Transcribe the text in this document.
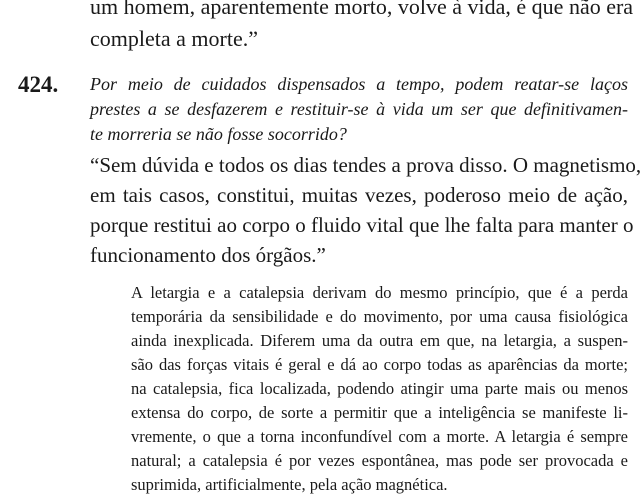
um homem, aparentemente morto, volve à vida, é que não era
completa a morte.”
424. Por meio de cuidados dispensados a tempo, podem reatar-se laços
prestes a se desfazerem e restituir-se à vida um ser que definitivamen-
te morreria se não fosse socorrido?
“Sem dúvida e todos os dias tendes a prova disso. O magnetismo,
em tais casos, constitui, muitas vezes, poderoso meio de ação,
porque restitui ao corpo o fluido vital que lhe falta para manter o
funcionamento dos órgãos.”
A letargia e a catalepsia derivam do mesmo princípio, que é a perda
temporária da sensibilidade e do movimento, por uma causa fisiológica
ainda inexplicada. Diferem uma da outra em que, na letargia, a suspen-
são das forças vitais é geral e dá ao corpo todas as aparências da morte;
na catalepsia, fica localizada, podendo atingir uma parte mais ou menos
extensa do corpo, de sorte a permitir que a inteligência se manifeste li-
vremente, o que a torna inconfundível com a morte. A letargia é sempre
natural; a catalepsia é por vezes espontânea, mas pode ser provocada e
suprimida, artificialmente, pela ação magnética.
